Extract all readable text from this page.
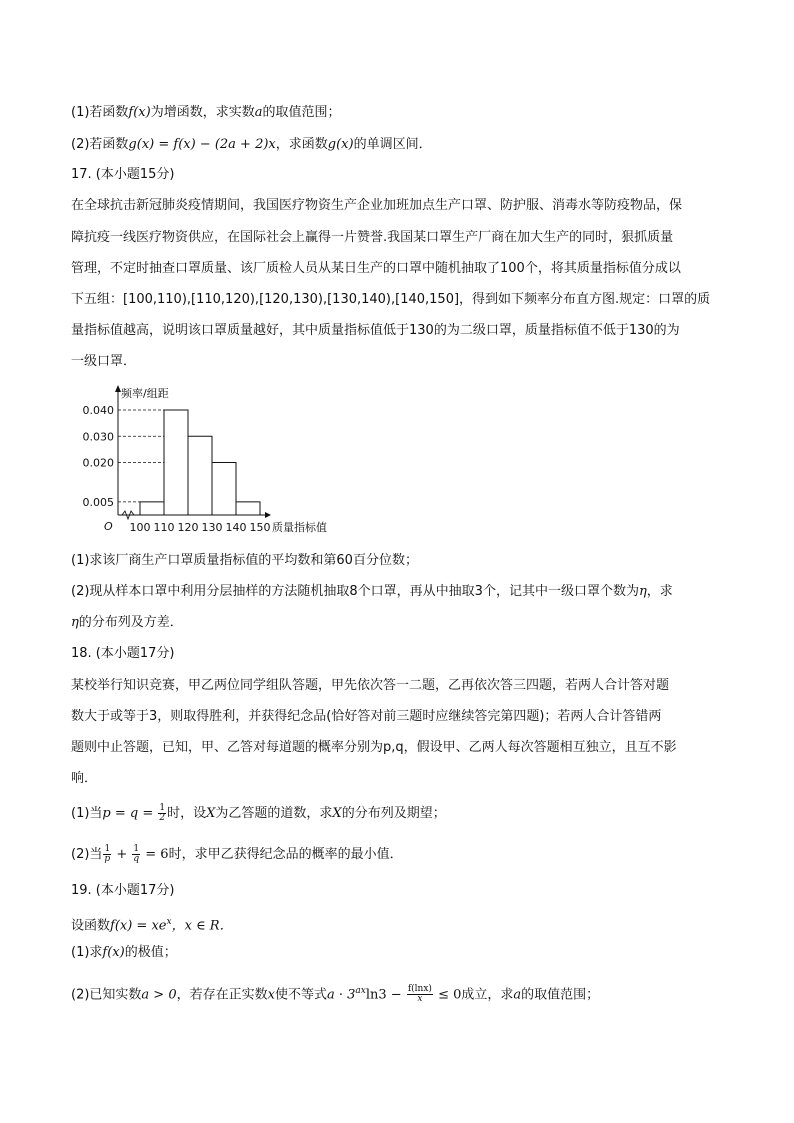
(1)若函数f(x)为增函数，求实数a的取值范围；
(2)若函数g(x) = f(x) − (2a + 2)x，求函数g(x)的单调区间．
17. (本小题15分)
在全球抗击新冠肺炎疫情期间，我国医疗物资生产企业加班加点生产口罩、防护服、消毒水等防疫物品，保
障抗疫一线医疗物资供应，在国际社会上赢得一片赞誉.我国某口罩生产厂商在加大生产的同时，狠抓质量
管理，不定时抽查口罩质量、该厂质检人员从某日生产的口罩中随机抽取了100个，将其质量指标值分成以
下五组：[100,110),[110,120),[120,130),[130,140),[140,150]，得到如下频率分布直方图.规定：口罩的质
量指标值越高，说明该口罩质量越好，其中质量指标值低于130的为二级口罩，质量指标值不低于130的为
一级口罩．
频率/组距
0.040
0.030
0.020
0.005
100 110 120 130 140 150 质量指标值
O
(1)求该厂商生产口罩质量指标值的平均数和第60百分位数；
(2)现从样本口罩中利用分层抽样的方法随机抽取8个口罩，再从中抽取3个，记其中一级口罩个数为η，求
η的分布列及方差．
18. (本小题17分)
某校举行知识竞赛，甲乙两位同学组队答题，甲先依次答一二题，乙再依次答三四题，若两人合计答对题
数大于或等于3，则取得胜利，并获得纪念品(恰好答对前三题时应继续答完第四题)；若两人合计答错两
题则中止答题，已知，甲、乙答对每道题的概率分别为p,q，假设甲、乙两人每次答题相互独立，且互不影
响．
(1)当$p = q = \frac{1}{2}$ 时，设X为乙答题的道数，求X的分布列及期望；
(2)当 $\frac{1}{p} + \frac{1}{q} = 6$时，求甲乙获得纪念品的概率的最小值．
19. (本小题17分)
设函数$f(x) = xe^x$，x ∈ R．
(1)求f(x)的极值；
(2)已知实数a > 0，若存在正实数x使不等式$a \cdot 3^{ax}\ln 3 - \frac{f(\ln x)}{x} \le 0$成立，求a的取值范围；
